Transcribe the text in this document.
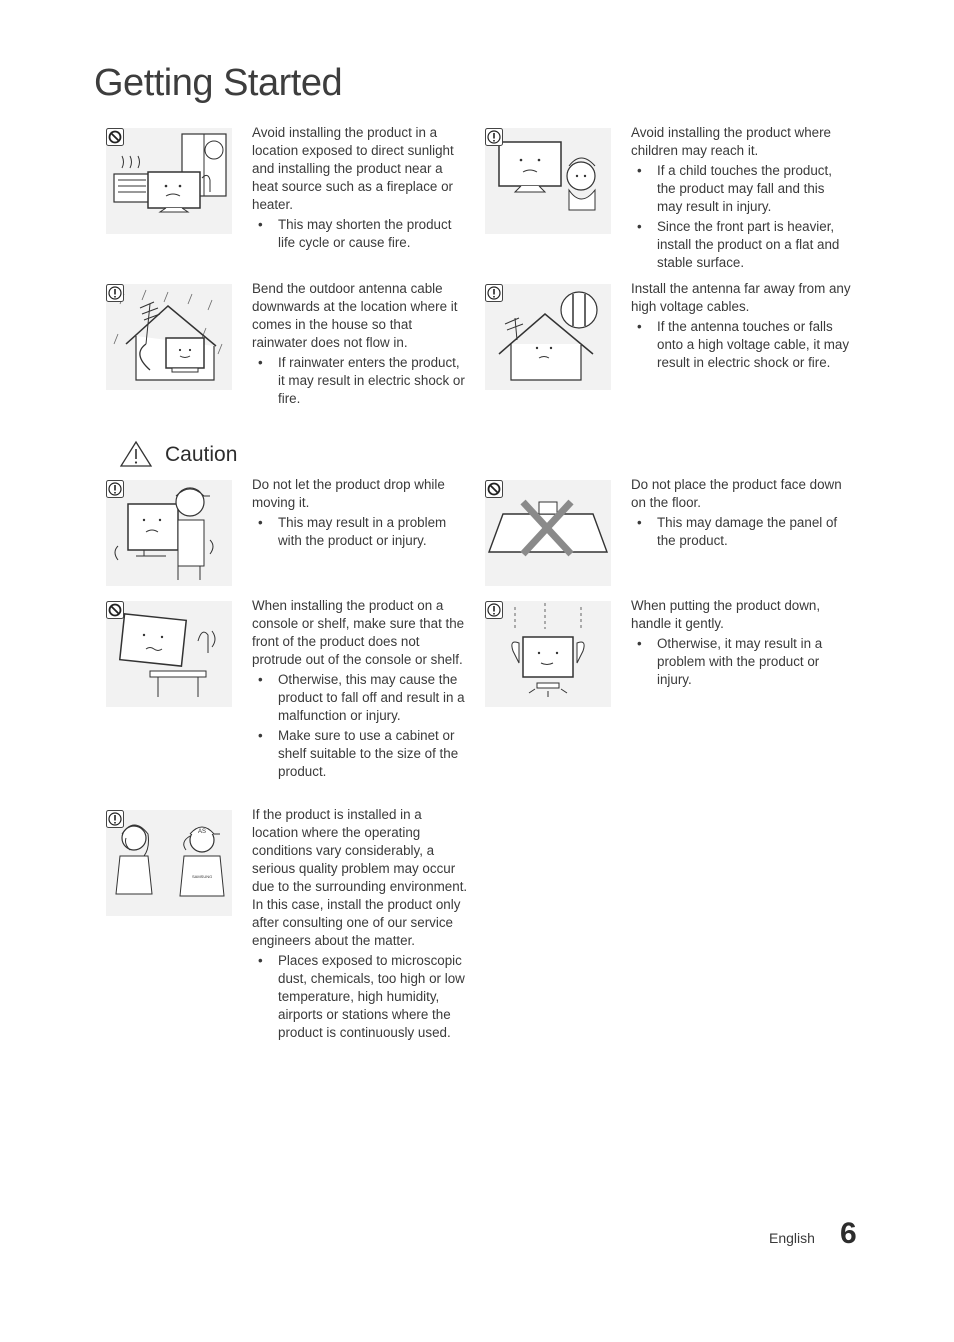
Getting Started

Avoid installing the product in a location exposed to direct sunlight and installing the product near a heat source such as a fireplace or heater.

• This may shorten the product life cycle or cause fire.

Avoid installing the product where children may reach it.

• If a child touches the product, the product may fall and this may result in injury.
• Since the front part is heavier, install the product on a flat and stable surface.

Bend the outdoor antenna cable downwards at the location where it comes in the house so that rainwater does not flow in.

• If rainwater enters the product, it may result in electric shock or fire.

Install the antenna far away from any high voltage cables.

• If the antenna touches or falls onto a high voltage cable, it may result in electric shock or fire.
Caution

Do not let the product drop while moving it.

• This may result in a problem with the product or injury.

Do not place the product face down on the floor.

• This may damage the panel of the product.

When installing the product on a console or shelf, make sure that the front of the product does not protrude out of the console or shelf.

• Otherwise, this may cause the product to fall off and result in a malfunction or injury.
• Make sure to use a cabinet or shelf suitable to the size of the product.

When putting the product down, handle it gently.

• Otherwise, it may result in a problem with the product or injury.
AS
SAMSUNG

If the product is installed in a location where the operating conditions vary considerably, a serious quality problem may occur due to the surrounding environment. In this case, install the product only after consulting one of our service engineers about the matter.

• Places exposed to microscopic dust, chemicals, too high or low temperature, high humidity, airports or stations where the product is continuously used.
English 6
